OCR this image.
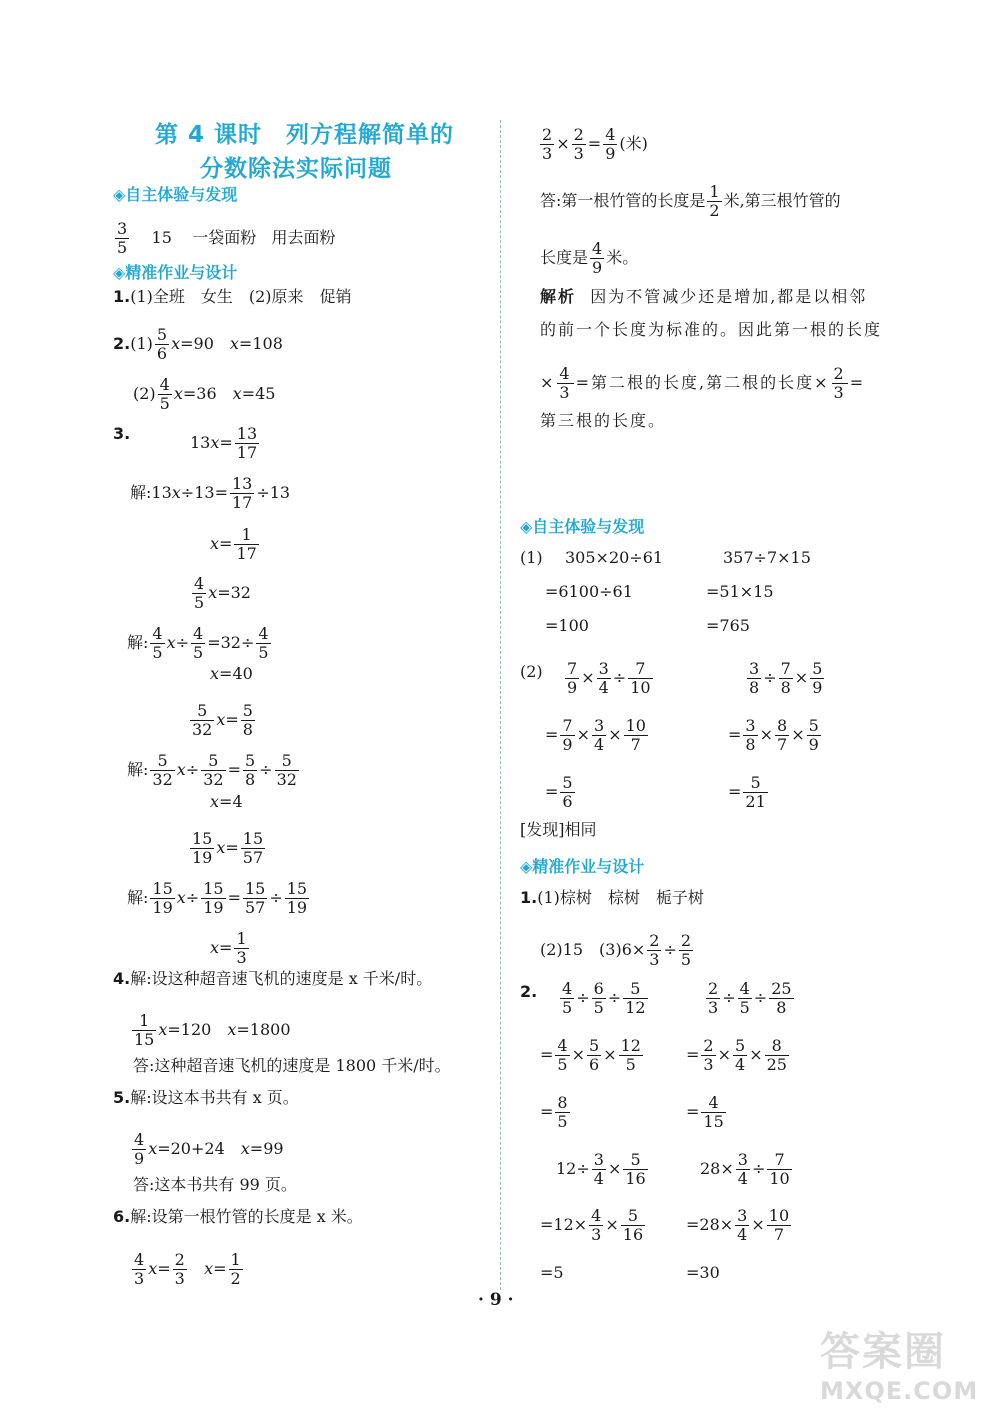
第 4 课时　列方程解简单的
分数除法实际问题
◈自主体验与发现
$\frac{3}{5} 15$ 一袋面粉 用去面粉
◈精准作业与设计
1.(1)全班　女生　(2)原来　促销
$2.(1) \frac{5}{6} x=90$　x=108
$(2) \frac{4}{5} x=36$　x=45
3.	$13x= \frac{13}{17}$
解:13x÷13= $\frac{13}{17} \div 13$
$x= \frac{1}{17}$
$\frac{4}{5} x=32$
解: $\frac{4}{5} x\div \frac{4}{5} =32\div \frac{4}{5}$
x=40
$\frac{5}{32} x= \frac{5}{8}$
解: $\frac{5}{32} x\div \frac{5}{32} = \frac{5}{8} \div \frac{5}{32}$
x=4
$\frac{15}{19} x= \frac{15}{57}$
解: $\frac{15}{19} x\div \frac{15}{19} = \frac{15}{57} \div \frac{15}{19}$
$x= \frac{1}{3}$
4.解:设这种超音速飞机的速度是 x 千米/时。
$\frac{1}{15} x=120$　x=1800
答:这种超音速飞机的速度是 1800 千米/时。
5.解:设这本书共有 x 页。
$\frac{4}{9} x=20+24$　x=99
答:这本书共有 99 页。
6.解:设第一根竹管的长度是 x 米。
$\frac{4}{3} x= \frac{2}{3} x= \frac{1}{2}$
$\frac{2}{3} \times \frac{2}{3} = \frac{4}{9}$ (米)
答:第一根竹管的长度是 $\frac{1}{2}$ 米,第三根竹管的
长度是 $\frac{4}{9}$ 米。
解析 因为不管减少还是增加,都是以相邻
的前一个长度为标准的。因此第一根的长度
× $\frac{4}{3}$ =第二根的长度,第二根的长度× $\frac{2}{3}$ =
第三根的长度。
◈自主体验与发现
(1) 305×20÷61
=6100÷61
=100
357÷7×15
=51×15
=765
$(2) \frac{7}{9} \times \frac{3}{4} \div \frac{7}{10}$
= $\frac{7}{9} \times \frac{3}{4} \times \frac{10}{7}$
= $\frac{5}{6}$
$\frac{3}{8} \div \frac{7}{8} \times \frac{5}{9}$
= $\frac{3}{8} \times \frac{8}{7} \times \frac{5}{9}$
= $\frac{5}{21}$
[发现]相同
◈精准作业与设计
1.(1)棕树　棕树　栀子树
(2)15　$(3)6\times \frac{2}{3} \div \frac{2}{5}$
2. $\frac{4}{5} \div \frac{6}{5} \div \frac{5}{12}$
= $\frac{4}{5} \times \frac{5}{6} \times \frac{12}{5}$
= $\frac{8}{5}$
$\frac{2}{3} \div \frac{4}{5} \div \frac{25}{8}$
= $\frac{2}{3} \times \frac{5}{4} \times \frac{8}{25}$
= $\frac{4}{15}$
$12\div \frac{3}{4} \times \frac{5}{16}$
$=12\times \frac{4}{3} \times \frac{5}{16}$
=5
$28\times \frac{3}{4} \div \frac{7}{10}$
$=28\times \frac{3}{4} \times \frac{10}{7}$
=30
· 9 ·
答案圈
MXQE.COM
